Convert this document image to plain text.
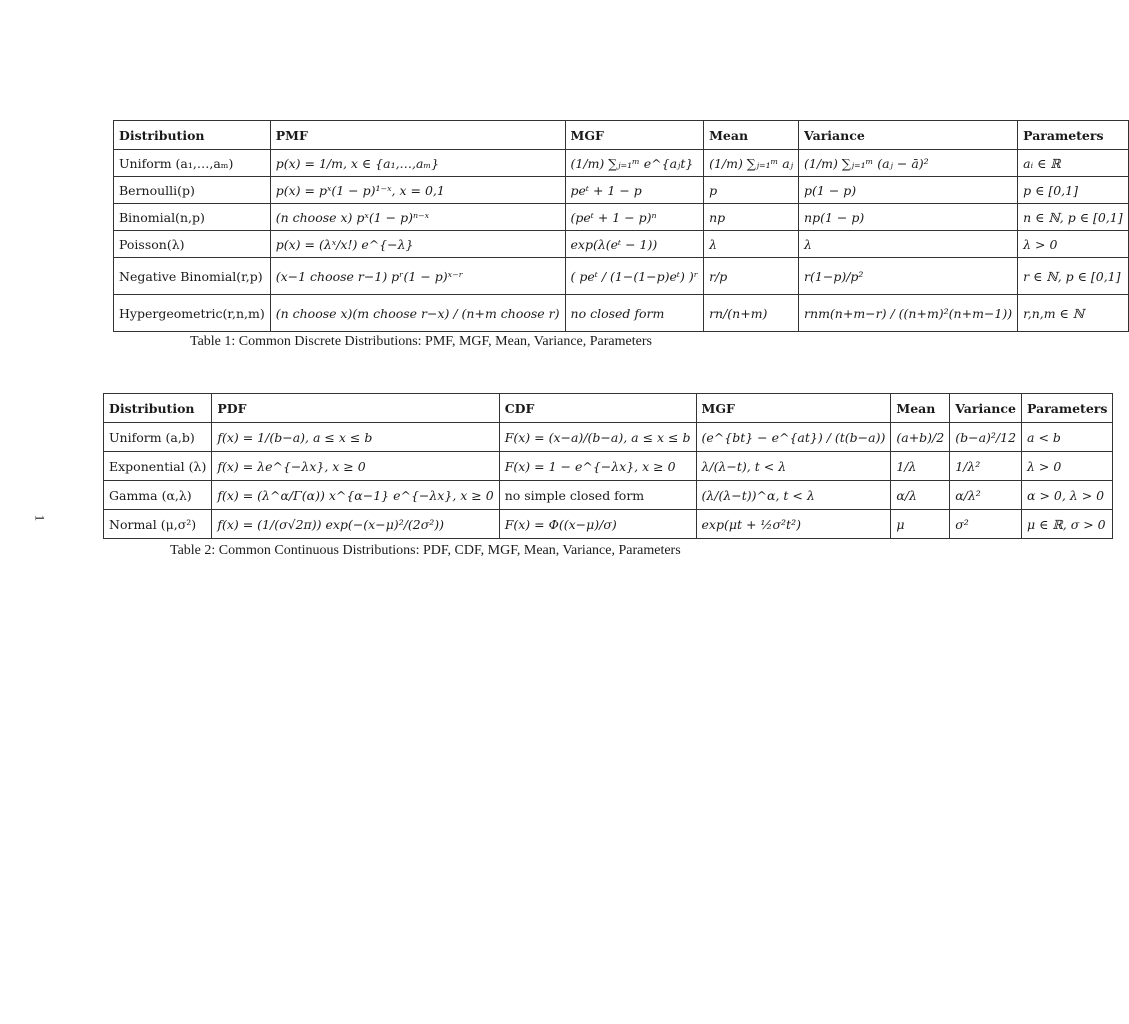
Distribution	PMF	MGF	Mean	Variance	Parameters
Uniform (a₁,…,aₘ)	p(x) = 1/m, x ∈ {a₁,…,aₘ}	(1/m) ∑ⱼ₌₁ᵐ e^{aⱼt}	(1/m) ∑ⱼ₌₁ᵐ aⱼ	(1/m) ∑ⱼ₌₁ᵐ (aⱼ − ā)²	aᵢ ∈ ℝ
Bernoulli(p)	p(x) = pˣ(1 − p)¹⁻ˣ, x = 0,1	peᵗ + 1 − p	p	p(1 − p)	p ∈ [0,1]
Binomial(n,p)	(n choose x) pˣ(1 − p)ⁿ⁻ˣ	(peᵗ + 1 − p)ⁿ	np	np(1 − p)	n ∈ ℕ, p ∈ [0,1]
Poisson(λ)	p(x) = (λˣ/x!) e^{−λ}	exp(λ(eᵗ − 1))	λ	λ	λ > 0
Negative Binomial(r,p)	(x−1 choose r−1) pʳ(1 − p)ˣ⁻ʳ	( peᵗ / (1−(1−p)eᵗ) )ʳ	r/p	r(1−p)/p²	r ∈ ℕ, p ∈ [0,1]
Hypergeometric(r,n,m)	(n choose x)(m choose r−x) / (n+m choose r)	no closed form	rn/(n+m)	rnm(n+m−r) / ((n+m)²(n+m−1))	r,n,m ∈ ℕ
Table 1: Common Discrete Distributions: PMF, MGF, Mean, Variance, Parameters
Distribution	PDF	CDF	MGF	Mean	Variance	Parameters
Uniform (a,b)	f(x) = 1/(b−a), a ≤ x ≤ b	F(x) = (x−a)/(b−a), a ≤ x ≤ b	(e^{bt} − e^{at}) / (t(b−a))	(a+b)/2	(b−a)²/12	a < b
Exponential (λ)	f(x) = λe^{−λx}, x ≥ 0	F(x) = 1 − e^{−λx}, x ≥ 0	λ/(λ−t), t < λ	1/λ	1/λ²	λ > 0
Gamma (α,λ)	f(x) = (λ^α/Γ(α)) x^{α−1} e^{−λx}, x ≥ 0	no simple closed form	(λ/(λ−t))^α, t < λ	α/λ	α/λ²	α > 0, λ > 0
Normal (μ,σ²)	f(x) = (1/(σ√2π)) exp(−(x−μ)²/(2σ²))	F(x) = Φ((x−μ)/σ)	exp(μt + ½σ²t²)	μ	σ²	μ ∈ ℝ, σ > 0
Table 2: Common Continuous Distributions: PDF, CDF, MGF, Mean, Variance, Parameters
1
